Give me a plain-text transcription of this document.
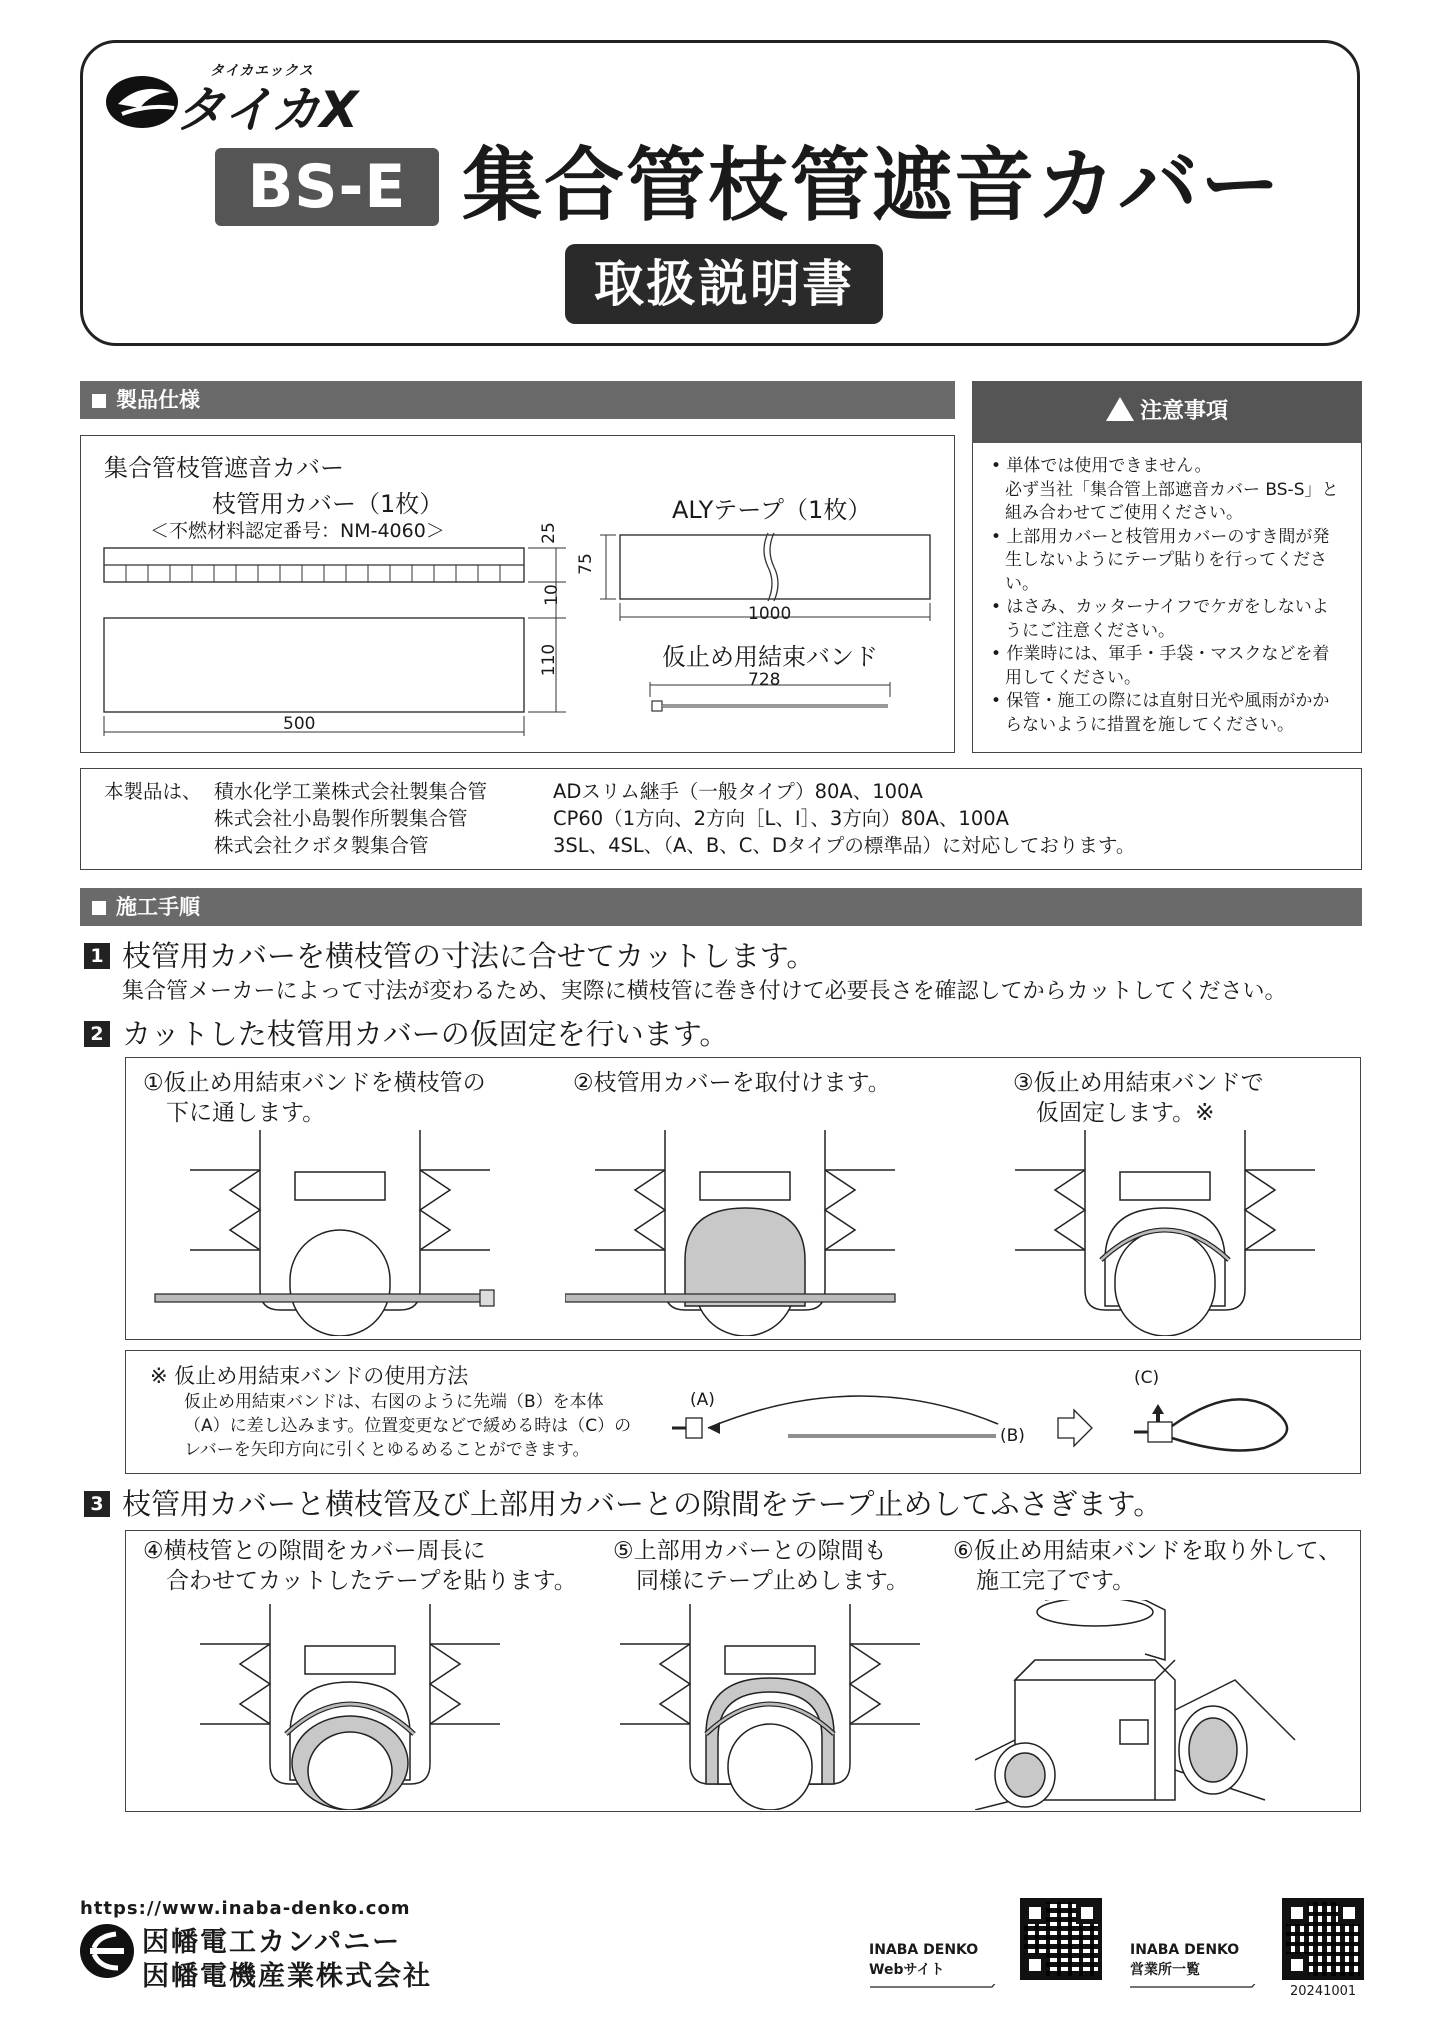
タイカエックス
タイカX
BS-E 集合管枝管遮音カバー
取扱説明書
製品仕様
集合管枝管遮音カバー
枝管用カバー（1枚）
＜不燃材料認定番号：NM-4060＞	25
10
110
500
ALYテープ（1枚）
75
1000
仮止め用結束バンド
728
注意事項
• 単体では使用できません。
必ず当社「集合管上部遮音カバー BS-S」と組み合わせてご使用ください。
• 上部用カバーと枝管用カバーのすき間が発生しないようにテープ貼りを行ってください。
• はさみ、カッターナイフでケガをしないようにご注意ください。
• 作業時には、軍手・手袋・マスクなどを着用してください。
• 保管・施工の際には直射日光や風雨がかからないように措置を施してください。
本製品は、 積水化学工業株式会社製集合管	ADスリム継手（一般タイプ）80A、100A
株式会社小島製作所製集合管	CP60（1方向、2方向［L、I］、3方向）80A、100A
株式会社クボタ製集合管	3SL、4SL、（A、B、C、Dタイプの標準品）に対応しております。
施工手順
1 枝管用カバーを横枝管の寸法に合せてカットします。
集合管メーカーによって寸法が変わるため、実際に横枝管に巻き付けて必要長さを確認してからカットしてください。
2 カットした枝管用カバーの仮固定を行います。
①仮止め用結束バンドを横枝管の
　下に通します。
②枝管用カバーを取付けます。	③仮止め用結束バンドで
　仮固定します。※
※ 仮止め用結束バンドの使用方法
仮止め用結束バンドは、右図のように先端（B）を本体
（A）に差し込みます。位置変更などで緩める時は（C）の
レバーを矢印方向に引くとゆるめることができます。
(A)
(B)
(C)
3 枝管用カバーと横枝管及び上部用カバーとの隙間をテープ止めしてふさぎます。
④横枝管との隙間をカバー周長に
　合わせてカットしたテープを貼ります。
⑤上部用カバーとの隙間も
　同様にテープ止めします。
⑥仮止め用結束バンドを取り外して、
　施工完了です。
https://www.inaba-denko.com
因幡電工カンパニー
因幡電機産業株式会社
INABA DENKO
Webサイト
INABA DENKO
営業所一覧
20241001
